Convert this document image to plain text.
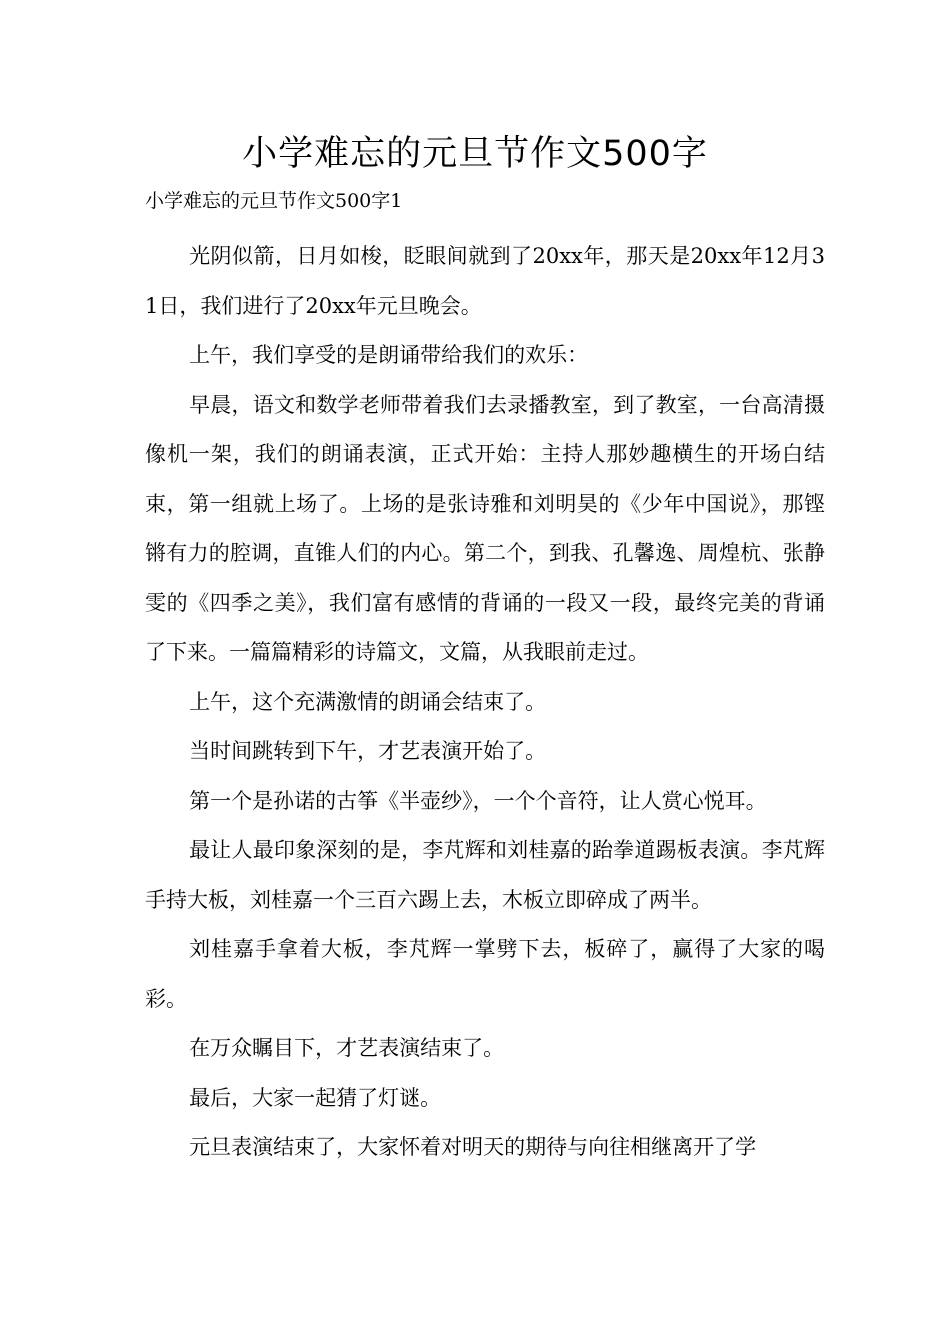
小学难忘的元旦节作文500字

小学难忘的元旦节作文500字1

光阴似箭，日月如梭，眨眼间就到了20xx年，那天是20xx年12月31日，我们进行了20xx年元旦晚会。

上午，我们享受的是朗诵带给我们的欢乐：

早晨，语文和数学老师带着我们去录播教室，到了教室，一台高清摄像机一架，我们的朗诵表演，正式开始：主持人那妙趣横生的开场白结束，第一组就上场了。上场的是张诗雅和刘明昊的《少年中国说》，那铿锵有力的腔调，直锥人们的内心。第二个，到我、孔馨逸、周煌杭、张静雯的《四季之美》，我们富有感情的背诵的一段又一段，最终完美的背诵了下来。一篇篇精彩的诗篇文，文篇，从我眼前走过。

上午，这个充满激情的朗诵会结束了。

当时间跳转到下午，才艺表演开始了。

第一个是孙诺的古筝《半壶纱》，一个个音符，让人赏心悦耳。

最让人最印象深刻的是，李芃辉和刘桂嘉的跆拳道踢板表演。李芃辉手持大板，刘桂嘉一个三百六踢上去，木板立即碎成了两半。

刘桂嘉手拿着大板，李芃辉一掌劈下去，板碎了，赢得了大家的喝彩。

在万众瞩目下，才艺表演结束了。

最后，大家一起猜了灯谜。

元旦表演结束了，大家怀着对明天的期待与向往相继离开了学
